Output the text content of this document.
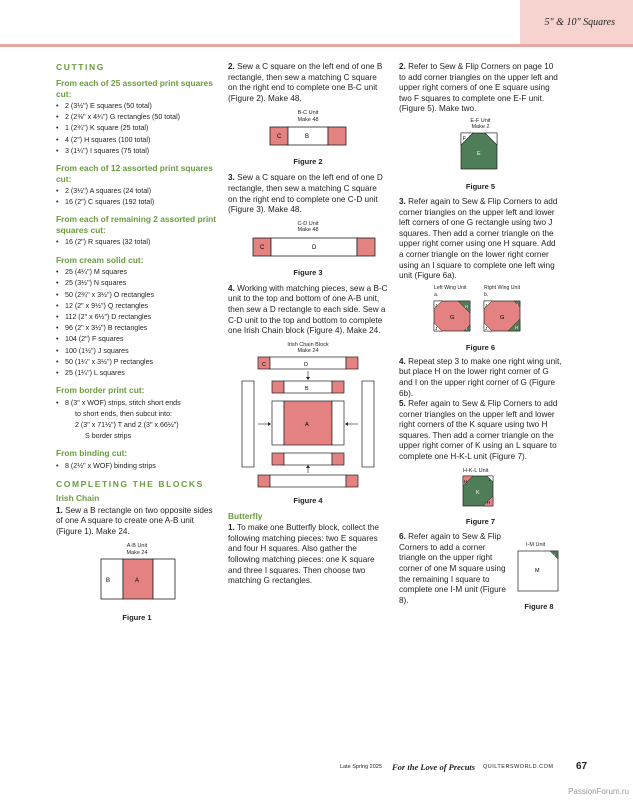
5" & 10" Squares
CUTTING
From each of 25 assorted print squares cut:
• 2 (3½") E squares (50 total)
• 2 (2⅜" x 4¼") G rectangles (50 total)
• 1 (2¾") K square (25 total)
• 4 (2") H squares (100 total)
• 3 (1¼") I squares (75 total)
From each of 12 assorted print squares cut:
• 2 (3½") A squares (24 total)
• 16 (2") C squares (192 total)
From each of remaining 2 assorted print squares cut:
• 16 (2") R squares (32 total)
From cream solid cut:
• 25 (4¼") M squares
• 25 (3½") N squares
• 50 (2¾" x 3½") O rectangles
• 12 (2" x 9½") Q rectangles
• 112 (2" x 6½") D rectangles
• 96 (2" x 3½") B rectangles
• 104 (2") F squares
• 100 (1½") J squares
• 50 (1¼" x 3½") P rectangles
• 25 (1¼") L squares
From border print cut:
• 8 (3" x WOF) strips, stitch short ends
to short ends, then subcut into:
2 (3" x 71½") T and 2 (3" x 66½")
S border strips
From binding cut:
• 8 (2½" x WOF) binding strips
COMPLETING THE BLOCKS
Irish Chain

1. Sew a B rectangle on two opposite sides of one A square to create one A-B unit (Figure 1). Make 24.

A-B Unit
Make 24
B	A
Figure 1

2. Sew a C square on the left end of one B rectangle, then sew a matching C square on the right end to complete one B-C unit (Figure 2). Make 48.

B-C Unit
Make 48
C	B
Figure 2

3. Sew a C square on the left end of one D rectangle, then sew a matching C square on the right end to complete one C-D unit (Figure 3). Make 48.

C-D Unit
Make 48
C	D
Figure 3

4. Working with matching pieces, sew a B-C unit to the top and bottom of one A-B unit, then sew a D rectangle to each side. Sew a C-D unit to the top and bottom to complete one Irish Chain block (Figure 4). Make 24.

Irish Chain Block
Make 24
C	D
B
A
Figure 4
Butterfly

1. To make one Butterfly block, collect the following matching pieces: two E squares and four H squares. Also gather the following matching pieces: one K square and three I squares. Then choose two matching G rectangles.

2. Refer to Sew & Flip Corners on page 10 to add corner triangles on the upper left and upper right corners of one E square using two F squares to complete one E-F unit. (Figure 5). Make two.

E-F Unit
Make 2
F
E
Figure 5

3. Refer again to Sew & Flip Corners to add corner triangles on the upper left and lower left corners of one G rectangle using two J squares. Then add a corner triangle on the upper right corner using one H square. Add a corner triangle on the lower right corner using an I square to complete one left wing unit (Figure 6a).

Left Wing Unit	Right Wing Unit
a.	b.
J
J
G
H
I
J
J
G
I
H
Figure 6

4. Repeat step 3 to make one right wing unit, but place H on the lower right corner of G and I on the upper right corner of G (Figure 6b).

5. Refer again to Sew & Flip Corners to add corner triangles on the upper left and lower right corners of the K square using two H squares. Then add a corner triangle on the upper right corner of K using an L square to complete one H-K-L unit (Figure 7).

H-K-L Unit
H
K
L
H
Figure 7

6. Refer again to Sew & Flip Corners to add a corner triangle on the upper right corner of one M square using the remaining I square to complete one I-M unit (Figure 8).

I-M Unit
I
M
Figure 8
Late Spring 2025 For the Love of Precuts QUILTERSWORLD.COM 67
PassionForum.ru
